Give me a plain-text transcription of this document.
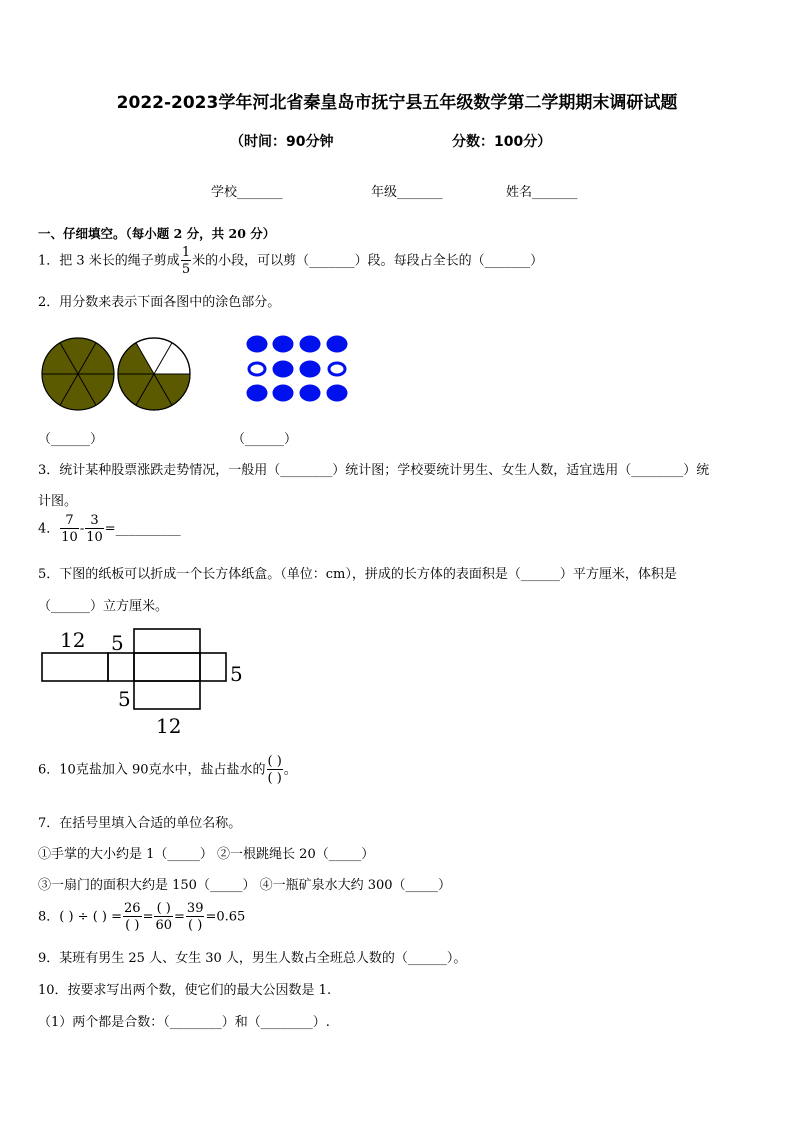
2022-2023学年河北省秦皇岛市抚宁县五年级数学第二学期期末调研试题
（时间：90分钟	分数：100分）
学校_______	年级_______	姓名_______
一、仔细填空。（每小题 2 分，共 20 分）
1．把 3 米长的绳子剪成 $\frac{1}{5}$ 米的小段，可以剪（_______）段。每段占全长的（_______）
2．用分数来表示下面各图中的涂色部分。
（______）	（______）
3．统计某种股票涨跌走势情况，一般用（________）统计图；学校要统计男生、女生人数，适宜选用（________）统
计图。
4． $\frac{7}{10} - \frac{3}{10}$ =__________
5．下图的纸板可以折成一个长方体纸盒。（单位：cm），拼成的长方体的表面积是（______）平方厘米，体积是
（______）立方厘米。
12 5
5
5
12
6．10克盐加入 90克水中，盐占盐水的 $\frac{( )}{( )}$ 。
7．在括号里填入合适的单位名称。
①手掌的大小约是 1（_____） ②一根跳绳长 20（_____）
③一扇门的面积大约是 150（_____） ④一瓶矿泉水大约 300（_____）
8．( ) ÷ ( ) = $\frac{26}{( )} = \frac{( )}{60} = \frac{39}{( )} =0.65$
9．某班有男生 25 人、女生 30 人，男生人数占全班总人数的（______）。
10．按要求写出两个数，使它们的最大公因数是 1.
（1）两个都是合数：（________）和（________）.
